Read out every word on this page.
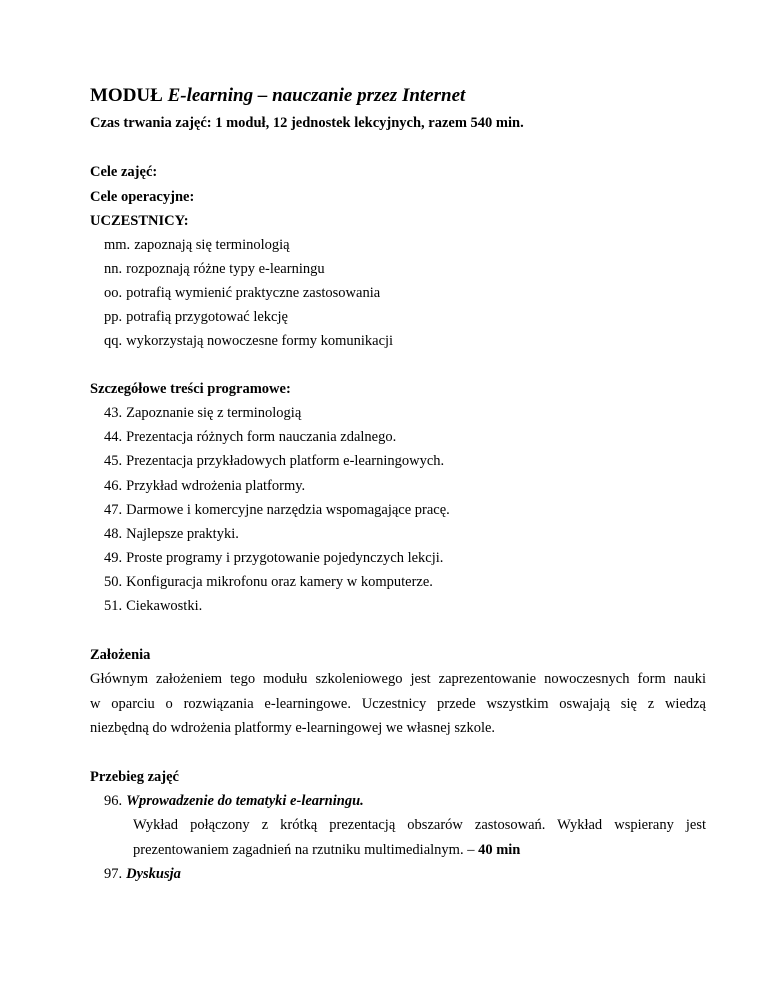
MODUŁ E-learning – nauczanie przez Internet
Czas trwania zajęć: 1 moduł, 12 jednostek lekcyjnych, razem 540 min.
Cele zajęć:
Cele operacyjne:
UCZESTNICY:
mm. zapoznają się terminologią
nn. rozpoznają różne typy e-learningu
oo. potrafią wymienić praktyczne zastosowania
pp. potrafią przygotować lekcję
qq. wykorzystają nowoczesne formy komunikacji
Szczegółowe treści programowe:
43. Zapoznanie się z terminologią
44. Prezentacja różnych form nauczania zdalnego.
45. Prezentacja przykładowych platform e-learningowych.
46. Przykład wdrożenia platformy.
47. Darmowe i komercyjne narzędzia wspomagające pracę.
48. Najlepsze praktyki.
49. Proste programy i przygotowanie pojedynczych lekcji.
50. Konfiguracja mikrofonu oraz kamery w komputerze.
51. Ciekawostki.
Założenia
Głównym założeniem tego modułu szkoleniowego jest zaprezentowanie nowoczesnych form nauki
w oparciu o rozwiązania e-learningowe. Uczestnicy przede wszystkim oswajają się z wiedzą
niezbędną do wdrożenia platformy e-learningowej we własnej szkole.
Przebieg zajęć
96. Wprowadzenie do tematyki e-learningu.
Wykład połączony z krótką prezentacją obszarów zastosowań. Wykład wspierany jest
prezentowaniem zagadnień na rzutniku multimedialnym. – 40 min
97. Dyskusja
